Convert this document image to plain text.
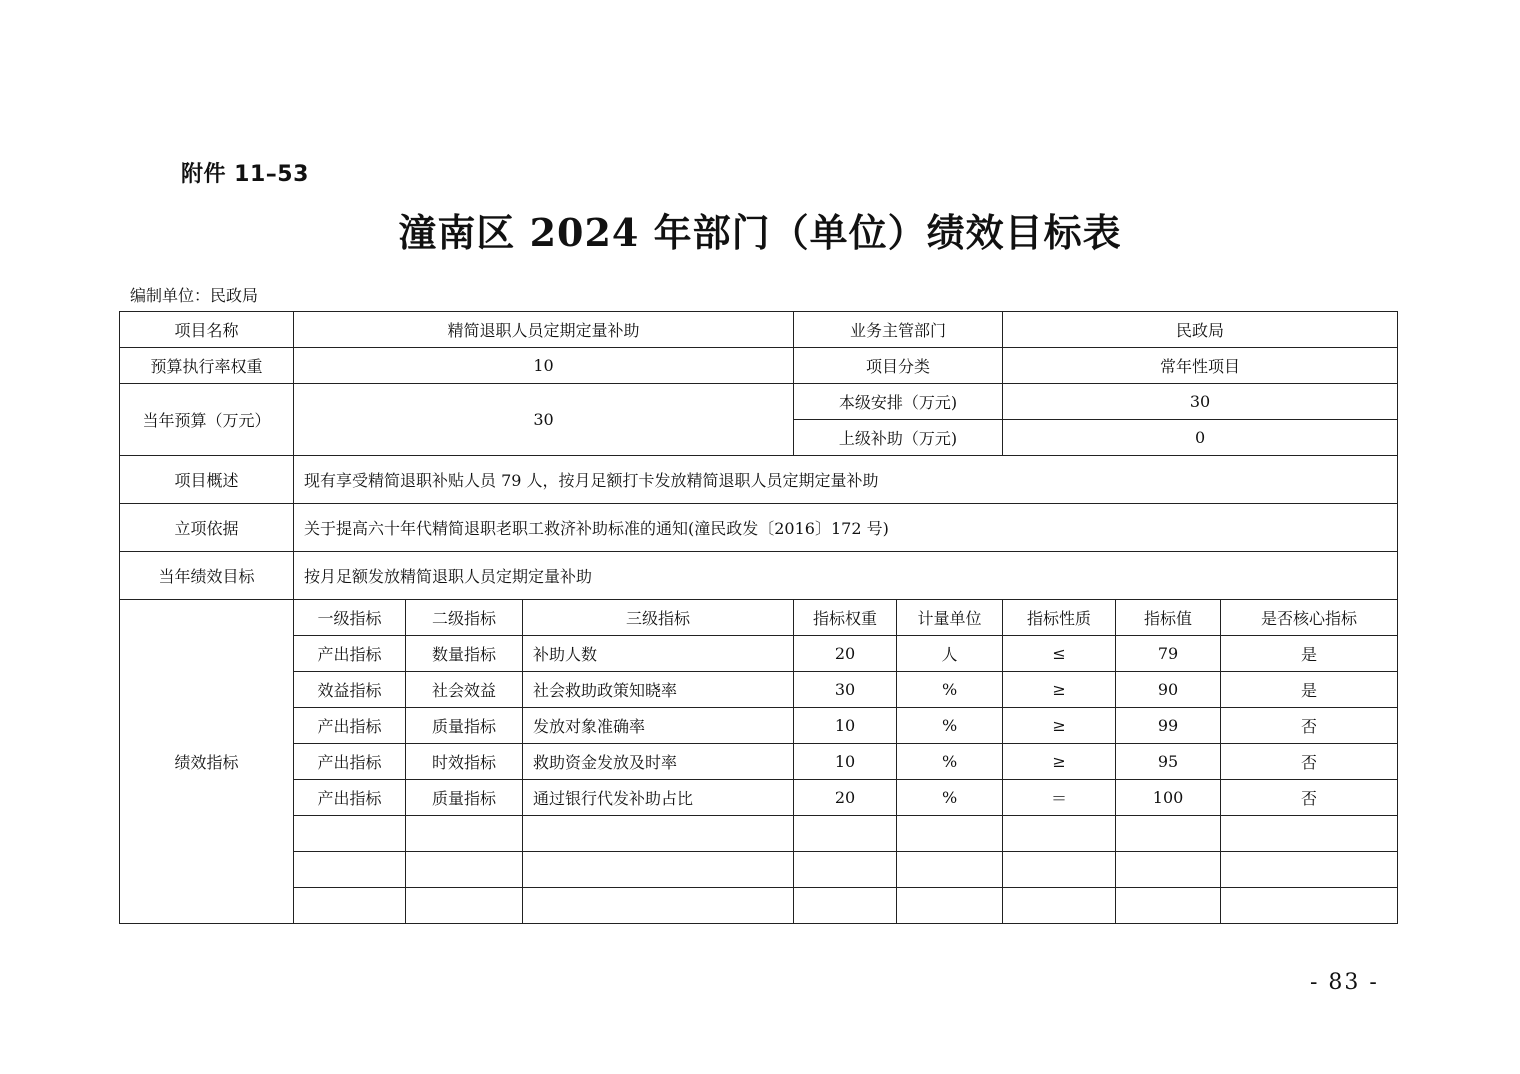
附件 11–53
潼南区 2024 年部门（单位）绩效目标表
编制单位：民政局
项目名称	精简退职人员定期定量补助			业务主管部门		民政局		
预算执行率权重	10			项目分类		常年性项目		
当年预算（万元）	30			本级安排（万元)		30		
				上级补助（万元)		0		
项目概述	现有享受精简退职补贴人员 79 人，按月足额打卡发放精简退职人员定期定量补助							
立项依据	关于提高六十年代精简退职老职工救济补助标准的通知(潼民政发〔2016〕172 号)							
当年绩效目标	按月足额发放精简退职人员定期定量补助							
绩效指标	一级指标	二级指标	三级指标	指标权重	计量单位	指标性质	指标值	是否核心指标
	产出指标	数量指标	补助人数	20	人	≤	79	是
	效益指标	社会效益	社会救助政策知晓率	30	%	≥	90	是
	产出指标	质量指标	发放对象准确率	10	%	≥	99	否
	产出指标	时效指标	救助资金发放及时率	10	%	≥	95	否
	产出指标	质量指标	通过银行代发补助占比	20	%	＝	100	否

- 83 -
